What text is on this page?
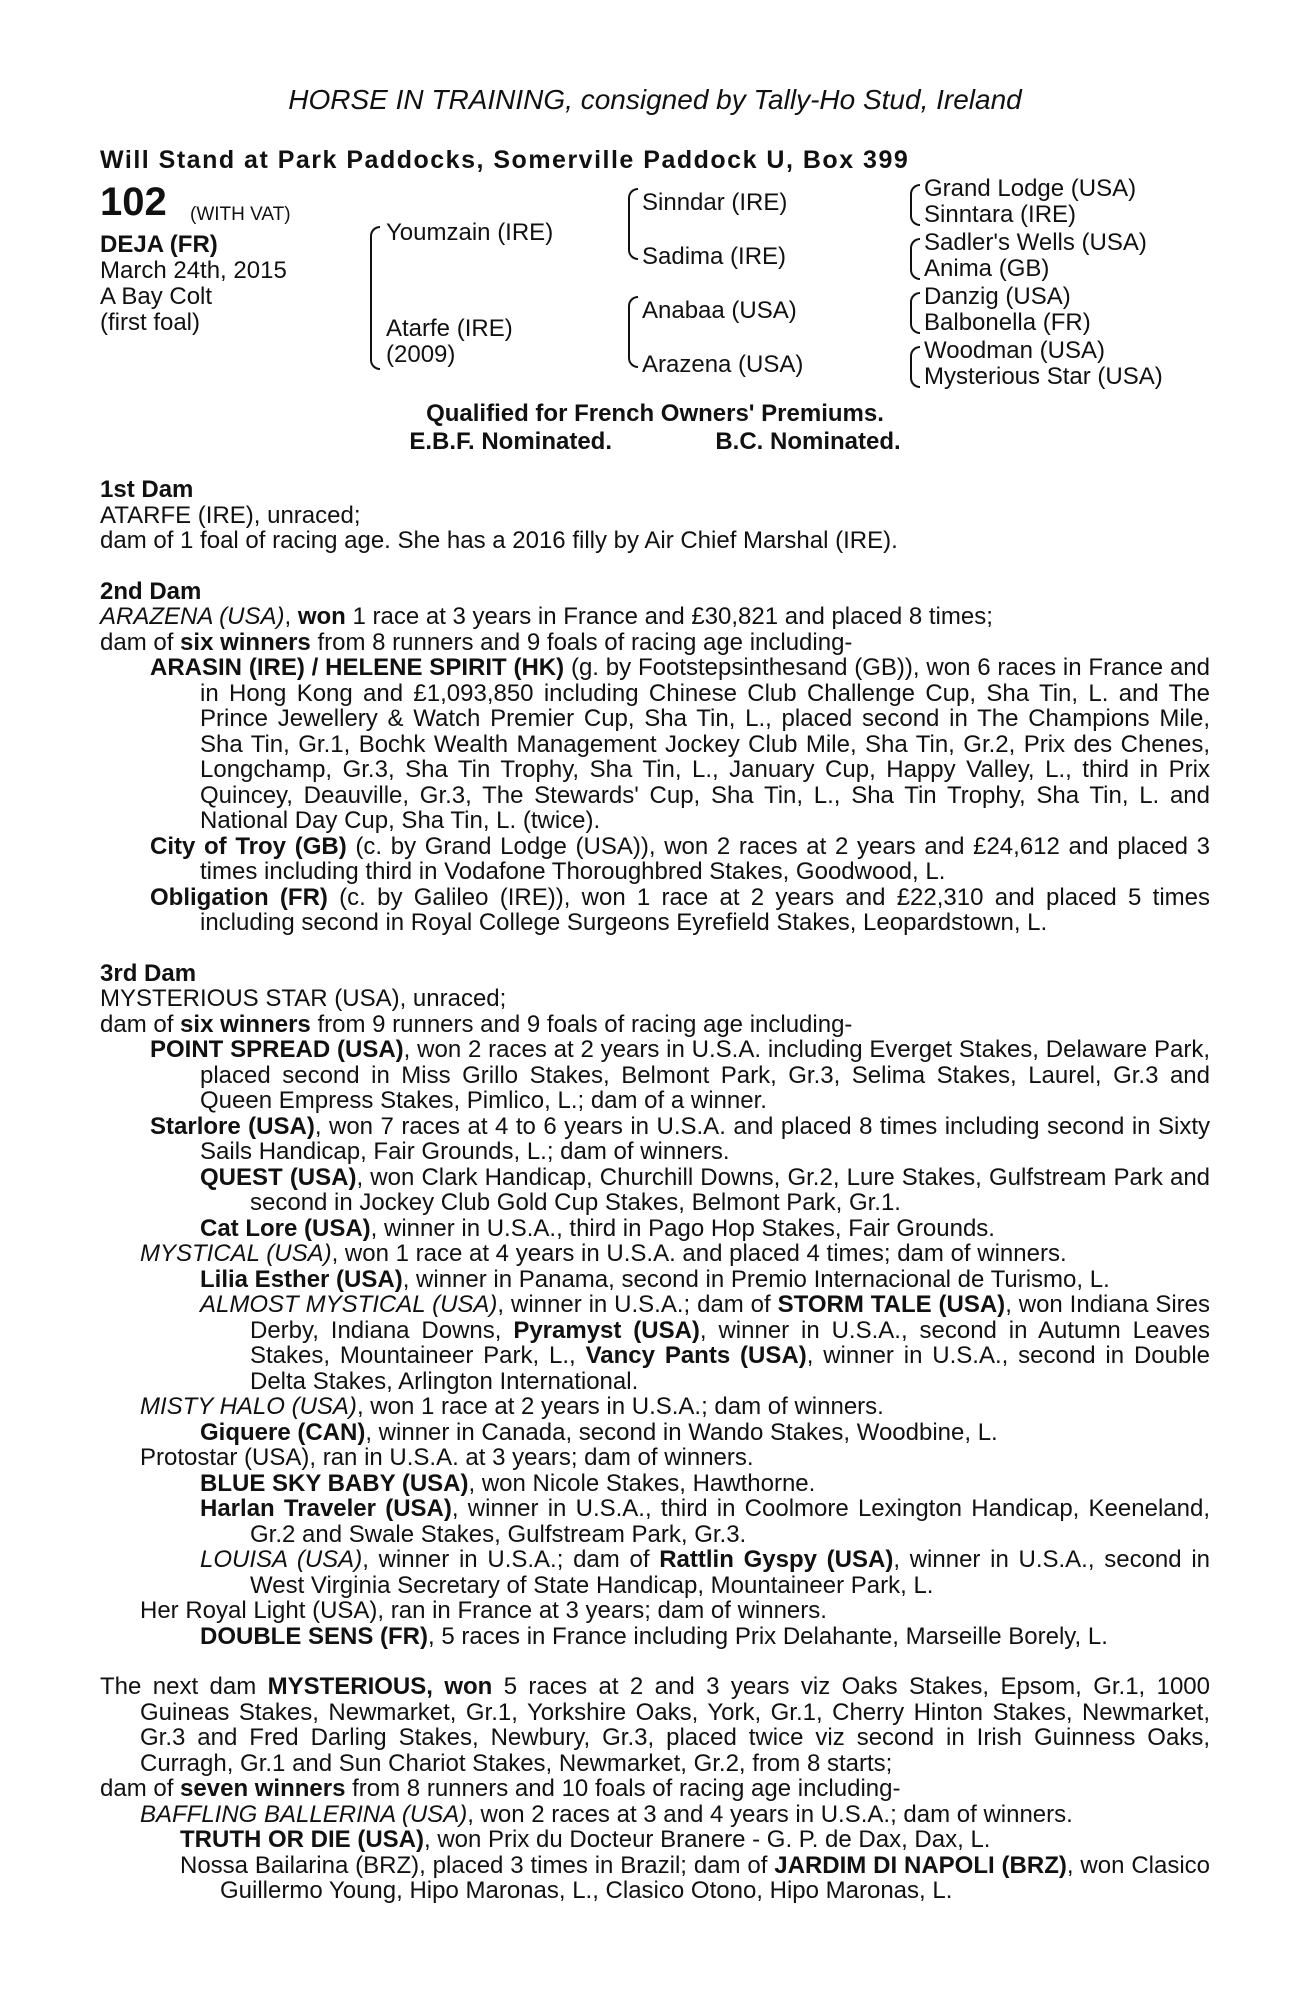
HORSE IN TRAINING, consigned by Tally-Ho Stud, Ireland
Will Stand at Park Paddocks, Somerville Paddock U, Box 399
102 (WITH VAT)
DEJA (FR)
March 24th, 2015
A Bay Colt
(first foal)
Youmzain (IRE)
Atarfe (IRE)
(2009)
Sinndar (IRE)
Sadima (IRE)
Anabaa (USA)
Arazena (USA)
Grand Lodge (USA)
Sinntara (IRE)
Sadler's Wells (USA)
Anima (GB)
Danzig (USA)
Balbonella (FR)
Woodman (USA)
Mysterious Star (USA)
Qualified for French Owners' Premiums.
E.B.F. Nominated.	B.C. Nominated.
1st Dam
ATARFE (IRE), unraced;
dam of 1 foal of racing age. She has a 2016 filly by Air Chief Marshal (IRE).
2nd Dam
ARAZENA (USA), won 1 race at 3 years in France and £30,821 and placed 8 times;
dam of six winners from 8 runners and 9 foals of racing age including-
ARASIN (IRE) / HELENE SPIRIT (HK) (g. by Footstepsinthesand (GB)), won 6 races in France and in Hong Kong and £1,093,850 including Chinese Club Challenge Cup, Sha Tin, L. and The Prince Jewellery & Watch Premier Cup, Sha Tin, L., placed second in The Champions Mile, Sha Tin, Gr.1, Bochk Wealth Management Jockey Club Mile, Sha Tin, Gr.2, Prix des Chenes, Longchamp, Gr.3, Sha Tin Trophy, Sha Tin, L., January Cup, Happy Valley, L., third in Prix Quincey, Deauville, Gr.3, The Stewards' Cup, Sha Tin, L., Sha Tin Trophy, Sha Tin, L. and National Day Cup, Sha Tin, L. (twice).
City of Troy (GB) (c. by Grand Lodge (USA)), won 2 races at 2 years and £24,612 and placed 3 times including third in Vodafone Thoroughbred Stakes, Goodwood, L.
Obligation (FR) (c. by Galileo (IRE)), won 1 race at 2 years and £22,310 and placed 5 times including second in Royal College Surgeons Eyrefield Stakes, Leopardstown, L.
3rd Dam
MYSTERIOUS STAR (USA), unraced;
dam of six winners from 9 runners and 9 foals of racing age including-
POINT SPREAD (USA), won 2 races at 2 years in U.S.A. including Everget Stakes, Delaware Park, placed second in Miss Grillo Stakes, Belmont Park, Gr.3, Selima Stakes, Laurel, Gr.3 and Queen Empress Stakes, Pimlico, L.; dam of a winner.
Starlore (USA), won 7 races at 4 to 6 years in U.S.A. and placed 8 times including second in Sixty Sails Handicap, Fair Grounds, L.; dam of winners.
QUEST (USA), won Clark Handicap, Churchill Downs, Gr.2, Lure Stakes, Gulfstream Park and second in Jockey Club Gold Cup Stakes, Belmont Park, Gr.1.
Cat Lore (USA), winner in U.S.A., third in Pago Hop Stakes, Fair Grounds.
MYSTICAL (USA), won 1 race at 4 years in U.S.A. and placed 4 times; dam of winners.
Lilia Esther (USA), winner in Panama, second in Premio Internacional de Turismo, L.
ALMOST MYSTICAL (USA), winner in U.S.A.; dam of STORM TALE (USA), won Indiana Sires Derby, Indiana Downs, Pyramyst (USA), winner in U.S.A., second in Autumn Leaves Stakes, Mountaineer Park, L., Vancy Pants (USA), winner in U.S.A., second in Double Delta Stakes, Arlington International.
MISTY HALO (USA), won 1 race at 2 years in U.S.A.; dam of winners.
Giquere (CAN), winner in Canada, second in Wando Stakes, Woodbine, L.
Protostar (USA), ran in U.S.A. at 3 years; dam of winners.
BLUE SKY BABY (USA), won Nicole Stakes, Hawthorne.
Harlan Traveler (USA), winner in U.S.A., third in Coolmore Lexington Handicap, Keeneland, Gr.2 and Swale Stakes, Gulfstream Park, Gr.3.
LOUISA (USA), winner in U.S.A.; dam of Rattlin Gyspy (USA), winner in U.S.A., second in West Virginia Secretary of State Handicap, Mountaineer Park, L.
Her Royal Light (USA), ran in France at 3 years; dam of winners.
DOUBLE SENS (FR), 5 races in France including Prix Delahante, Marseille Borely, L.
The next dam MYSTERIOUS, won 5 races at 2 and 3 years viz Oaks Stakes, Epsom, Gr.1, 1000 Guineas Stakes, Newmarket, Gr.1, Yorkshire Oaks, York, Gr.1, Cherry Hinton Stakes, Newmarket, Gr.3 and Fred Darling Stakes, Newbury, Gr.3, placed twice viz second in Irish Guinness Oaks, Curragh, Gr.1 and Sun Chariot Stakes, Newmarket, Gr.2, from 8 starts;
dam of seven winners from 8 runners and 10 foals of racing age including-
BAFFLING BALLERINA (USA), won 2 races at 3 and 4 years in U.S.A.; dam of winners.
TRUTH OR DIE (USA), won Prix du Docteur Branere - G. P. de Dax, Dax, L.
Nossa Bailarina (BRZ), placed 3 times in Brazil; dam of JARDIM DI NAPOLI (BRZ), won Clasico Guillermo Young, Hipo Maronas, L., Clasico Otono, Hipo Maronas, L.
